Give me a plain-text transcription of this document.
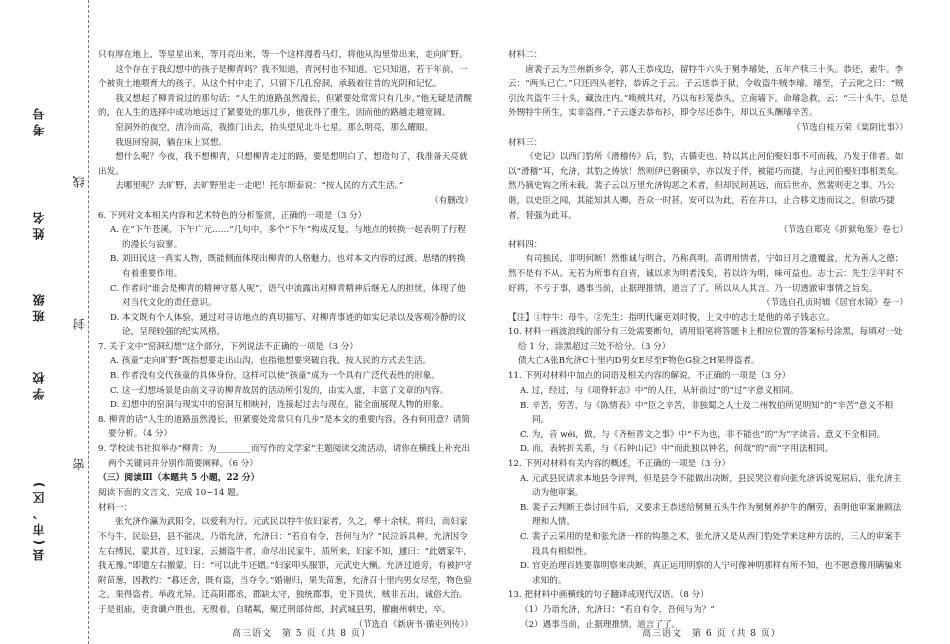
考号
姓名
班级
学校
县(市、区)
线
封
密

只有厚在地上，等星星出来，等月亮出来，等一个这样漫看马灯，将他从沟里带出来，走向旷野。

这个存在于我幻想中的孩子是柳青吗？我不知道，青河村也不知道。它只知道，若干年前，一个被贵土地喂育大的孩子，从这个村中走了，只留下几孔窑洞，承载着往昔的光阴和记忆。

我又想起了柳青说过的那句话：“人生的道路虽然漫长，但紧要处常常只有几步。”他无疑是清醒的，在人生的选择中成功地远过了紧要处的那几步，他获得了重生，因而他的路越走越宽阔。

窑洞外的夜空，清冷而高，我推门出去，抬头望见北斗七星。那么明亮，那么耀眼。

我返回窑洞，躺在床上冥想。

想什么呢？今夜，我不想柳青，只想柳青走过的路，要是想明白了，想造句了，我准备天亮就出发。

去哪里呢？去旷野，去旷野里走一走吧！托尔斯泰说：“按人民的方式生活。”

（有删改）

6. 下列对文本相关内容和艺术特色的分析鉴赏，正确的一项是（3 分）

A. 在“下午苍溪，下午广元……”几句中，多个“下午”构成反复，与地点的转换一起表明了行程的漫长与寂寥。

B. 刘田民这一真实人物，既能侧面体现出柳青的人格魅力，也对本文内容的过渡、思绪的转换有着重要作用。

C. 作者问“谁会是柳青的精神守墓人呢”，语气中流露出对柳青精神后继无人的担忧，体现了他对当代文化的责任意识。

D. 本文既有个人体验，通过对寻访地点的真切描写、对柳青事迹的如实记录以及客观冷静的议论，呈现较强的纪实风格。

7. 关于文中“窑洞幻想”这个部分，下列说法不正确的一项是（3 分）

A. 孩童“走向旷野”既指想要走出山沟，也指他想要突破自我，按人民的方式去生活。

B. 作者没有交代孩童的具体身份，这样可以使“孩童”成为一个具有广泛代表性的形象。

C. 这一幻想场景是由前文寻访柳青故居的活动所引发的，由实入虚，丰富了文章的内容。

D. 幻想中的窑洞与现实中的窑洞互相映衬，连接起过去与现在，能全面展现人物的形象。

8. 柳青的话“人生的道路虽然漫长，但紧要处常常只有几步”是本文的重要内容，各有何用意？请简要分析。（4 分）

9. 学校读书社拟举办“柳青：为________而写作的文学家”主题阅读交流活动，请你在横线上补充出两个关键词并分别作简要阐释。（6 分）

（三）阅读Ⅲ（本题共 5 小题，22 分）

阅读下面的文言文，完成 10~14 题。

材料一：

张允济作瀛为武阳令，以爱利为行。元武民以牸牛依妇家者，久之，孳十余犊。将归，而妇家不与牛，民讼县，县不能决。乃诣允济，允济曰：“若自有令，吾何与为？”民泣诉具种，允济因令左右缚民，蒙其首，过妇家，云捕盗牛者，命尽出民家牛，质所来，妇家不知，遽曰：“此婿家牛，我无豫。”即遣左右撤蒙，曰：“可以此牛还婿。”妇家叩头服罪，元武史大慚。允济过道旁，有被护守附苗葱，因教约：“暮还舍，既有盗，当夺令。”婚谢归，果失苗葱，允济召十里内男女尽至，物色验之，果得盗者。举政尤异。迁高阳郡丞，郡缺太守，独统郡事，史下畏伏，贼非五出，诚俗大治。于是祖庙，吏食谶卢胜也，无殷着，自睹粼，聚迁刑部侍郎，封武城县男，擢幽州刺史，卒。

（节选自《新唐书·循吏列传》）

高三语文　第 5 页（共 8 页）

材料二：

唐裴子云为兰州新乡令，郭人王恭戍边，留牸牛六头于舅李璿处，五年产犊三十头。恭还，索牛。李云：“两头已亡。”只还四头老牸，恭诉之于云。子云送恭于狱，令收盗牛贼李璿。璿至，子云叱之曰：“贼引汝共盗牛三十头，藏汝庄内。”唤贼共对，乃以布衫笼恭头，立南墙下。命璿急救，云：“三十头牛，总是外甥牸牛所生，实非盗得。”子云遂去恭布衫，即令尽还恭牛，却以五头酬璿辛苦。

（节选自桂万荣《棠阴比事》）

材料三：

《史记》以西门豹所《滑稽传》后，豹，古循吏也。特以其止河伯娶妇事不可而载，乃发于俳者。如以“滑稽”耳，允济，其豹之俦欤！然则伊已磐硕卒，亦以发于伴，被能巧而捷，与止河伯娶妇事相类矣。然乃摘史钩之所未载。裴子云以万里允济钩恶之术者，但却民间甚远，而后世亦，然裴则吏之事。乃公谐，以史臣之闻，其能知其人卿，吾众一时甚，安可以为此，若在井口，止合移文违而议之，但欲巧捷者，替强为此耳。

（节选自郑克《折狱龟鉴》卷七）

材料四：

有司独民，非明何断！然惟诚与明合，乃称真明。苗谓用情者，宁如日月之遗覆盆，尤为善人之德；然不是有不从。无若为所事有自省，诚以求为明者浅矣，若以许为明，味可益也。志士云：先生②平时不好将，不亏于事，遇事当前，止据理推情，道言了了。所以从人其言。乃一切透澈审事情之旨矣。

（节选自孔贞时辑《居官水镜》卷一）

【注】①牸牛：母牛。②先生：指明代廉吏刘时俊，上文中的志士是他的弟子钱志立。

10. 材料一画波浪线的部分有三处需要断句，请用铅笔将答题卡上相应位置的答案标号涂黑，每填对一处给 1 分，涂黑超过三处不给分。（3 分）

债大亡A张B允济C十里内D男女E尽至F物色G验之H果得盗者。

11. 下列对材料中加点的词语及相关内容的解说，不正确的一项是（3 分）

A. 过，经过，与《项脊轩志》中“的人往，从轩前过”的“过”字意义相同。

B. 辛苦，劳苦，与《陈情表》中“臣之辛苦，非独蜀之人士及二州牧伯所见明知”的“辛苦”意义不相同。

C. 为，音 wéi，做，与《齐桓晋文之事》中“不为也，非不能也”的“为”字读音、意义不全相同。

D. 而，表转折关系，与《石钟山记》中“而此独以钟名，何哉”的“而”字用法相同。

12. 下列对材料有关内容的概述，不正确的一项是（3 分）

A. 元武县民请求本地县令评判，但是县令不能做出决断，县民哭泣着向张允济诉说冤屈后，张允济主动为他审案。

B. 裴子云判断王恭讨回牛后，又要求王恭送给舅舅五头牛作为舅舅养护牛的酬劳，表明他审案兼顾法理和人情。

C. 裴子云采用的是和张允济一样的钩墨之术，张允济又是从西门豹处学来这种方法的，三人的审案手段具有相似性。

D. 官吏治理百姓要靠明察来决断，真正运用明察的人宁可像神明那样有所不知，也不愿意像用瞒骗来求知的。

13. 把材料中画横线的句子翻译成现代汉语。（8 分）

（1）乃诣允济，允济曰：“若自有令，吾何与为？”

（2）遇事当前，止据理推情，道言了了。

高三语文　第 6 页（共 8 页）
